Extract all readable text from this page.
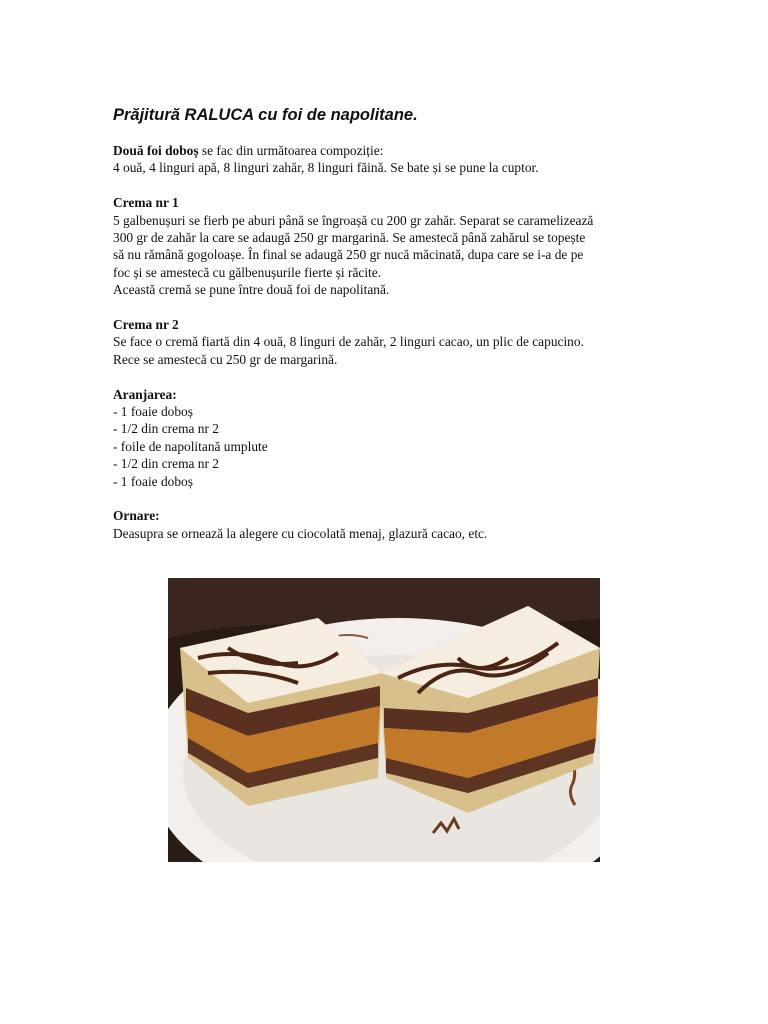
Prăjitură RALUCA cu foi de napolitane.

Două foi doboș se fac din următoarea compoziție:

4 ouă, 4 linguri apă, 8 linguri zahăr, 8 linguri făină. Se bate și se pune la cuptor.

Crema nr 1

5 galbenușuri se fierb pe aburi până se îngroașă cu 200 gr zahăr. Separat se caramelizează

300 gr de zahăr la care se adaugă 250 gr margarină. Se amestecă până zahărul se topește

să nu rămână gogoloașe. În final se adaugă 250 gr nucă măcinată, dupa care se i-a de pe

foc și se amestecă cu gălbenușurile fierte și răcite.

Această cremă se pune între două foi de napolitană.

Crema nr 2

Se face o cremă fiartă din 4 ouă, 8 linguri de zahăr, 2 linguri cacao, un plic de capucino.

Rece se amestecă cu 250 gr de margarină.

Aranjarea:

- 1 foaie doboș

- 1/2 din crema nr 2

- foile de napolitană umplute

- 1/2 din crema nr 2

- 1 foaie doboș

Ornare:

Deasupra se ornează la alegere cu ciocolată menaj, glazură cacao, etc.
